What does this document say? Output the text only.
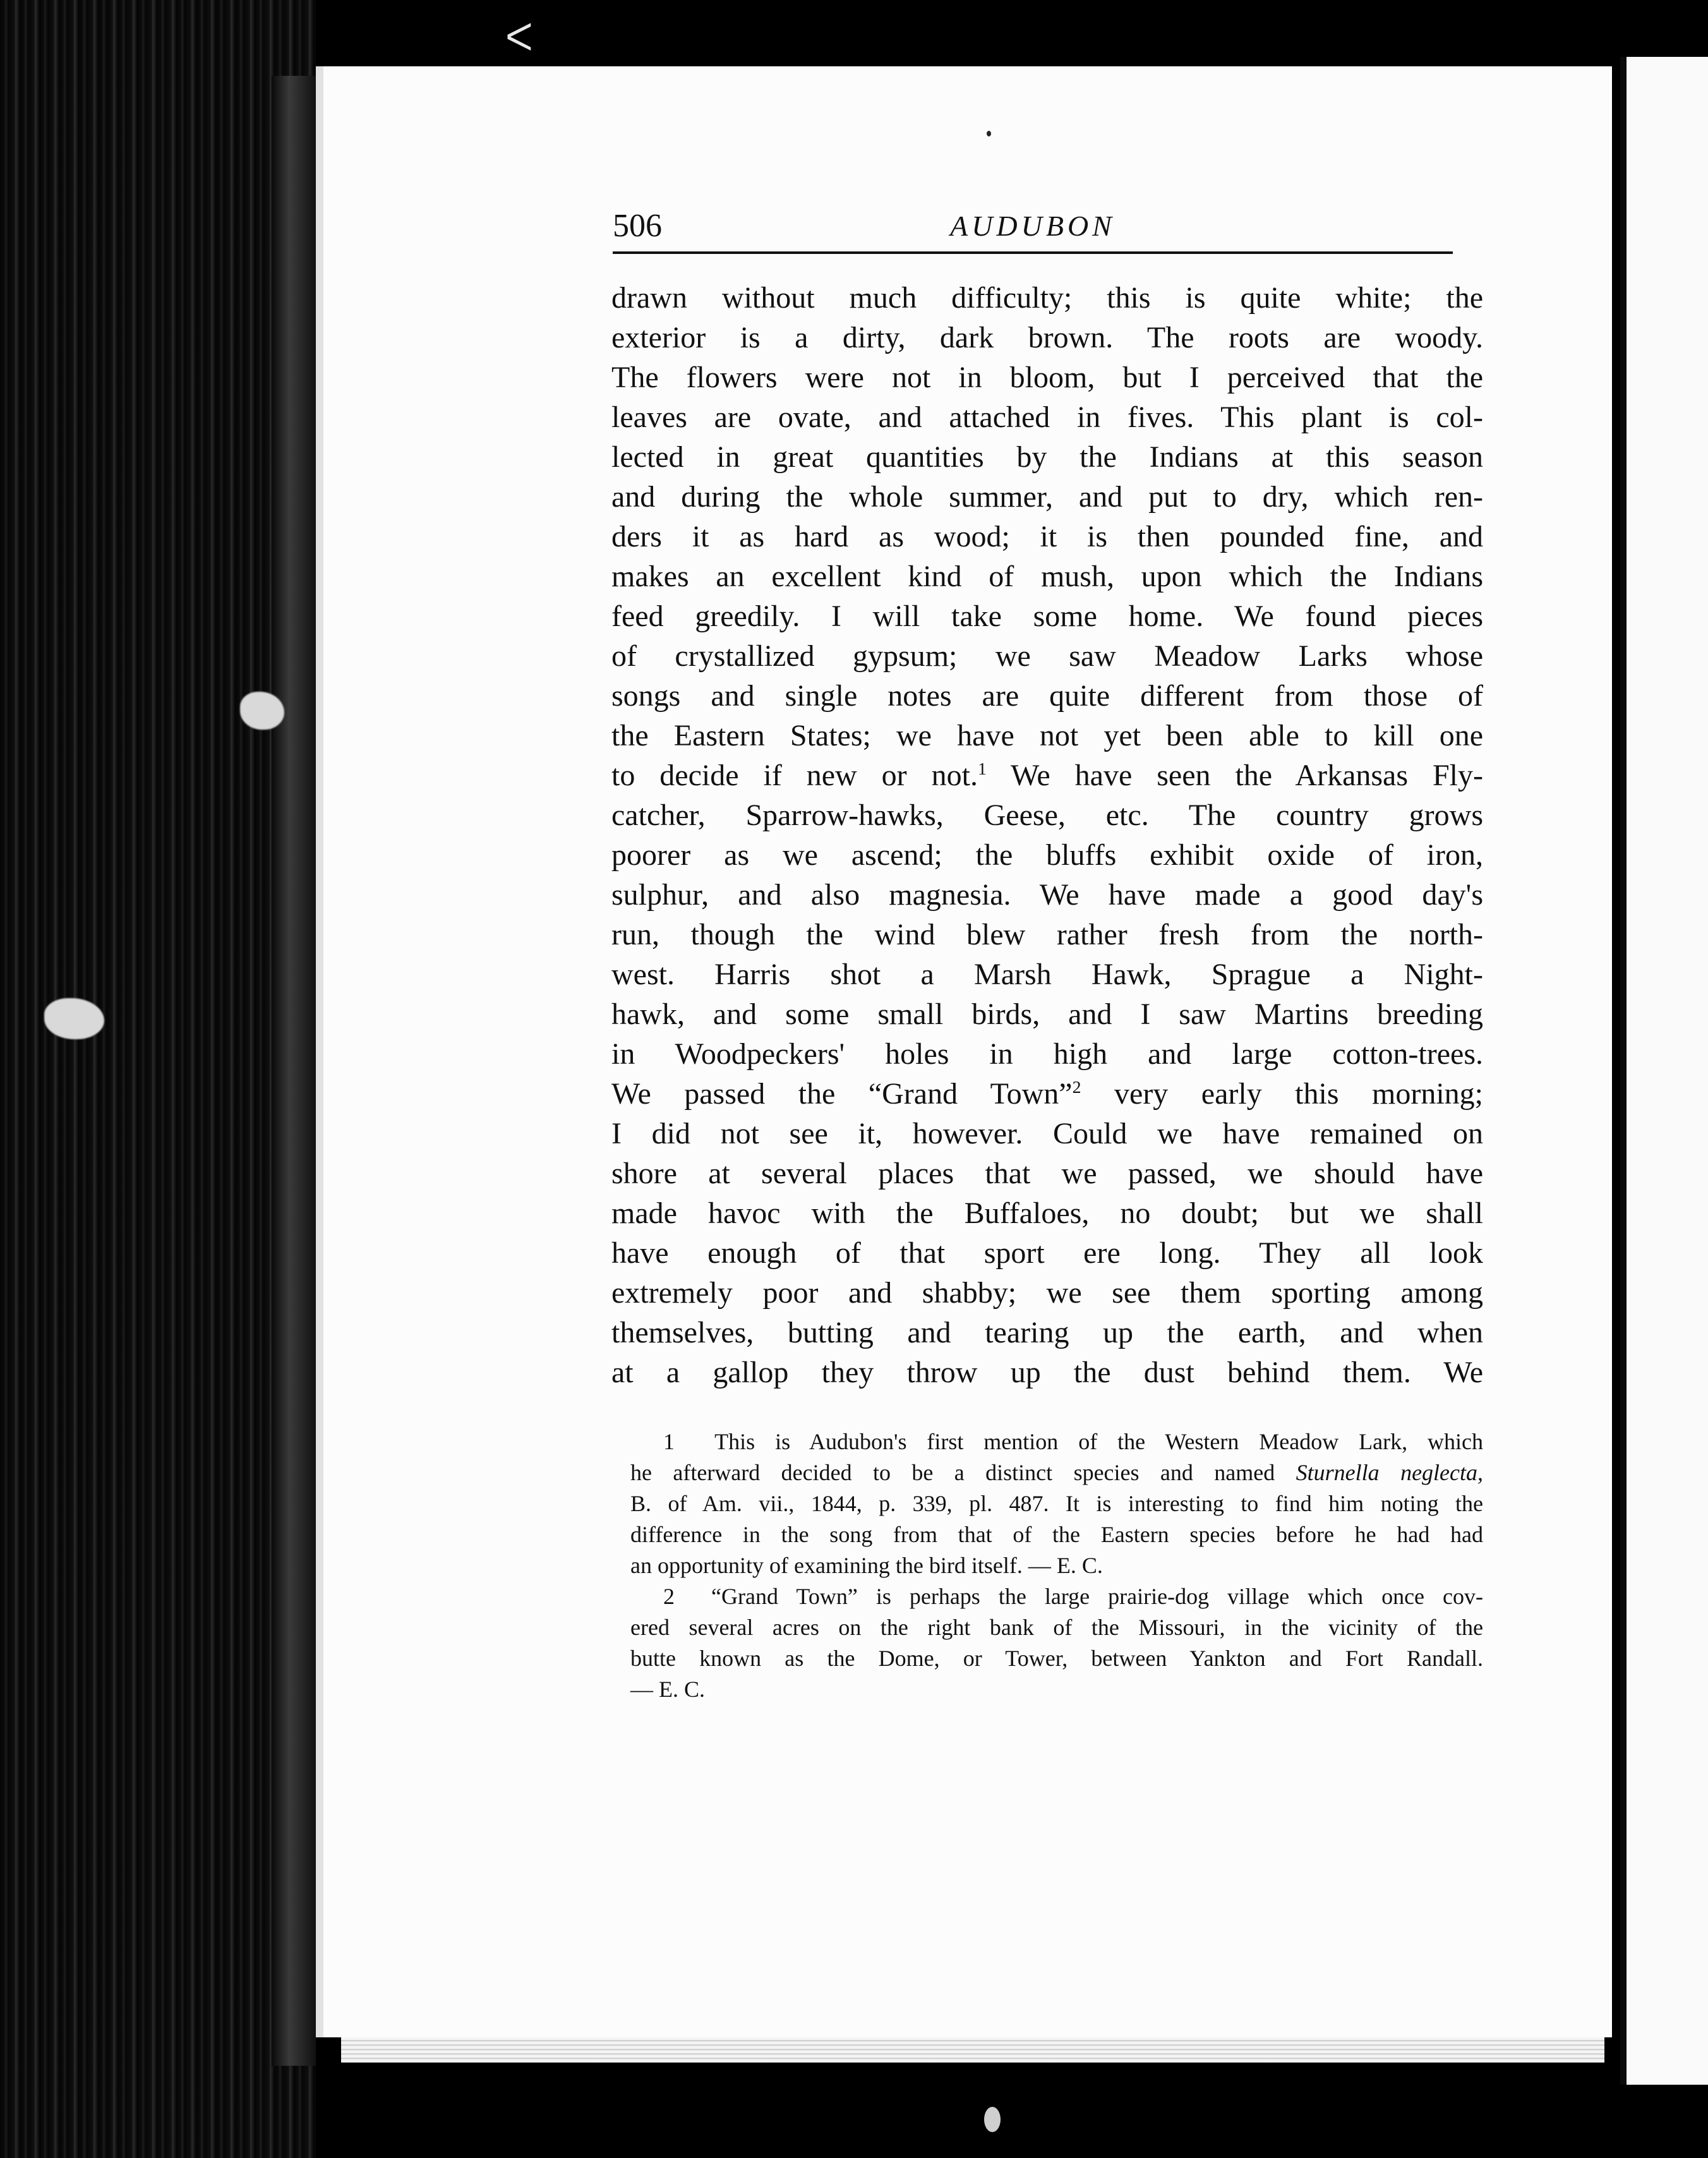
ᐸ
506	AUDUBON
drawn without much difficulty; this is quite white; the
exterior is a dirty, dark brown. The roots are woody.
The flowers were not in bloom, but I perceived that the
leaves are ovate, and attached in fives. This plant is col-
lected in great quantities by the Indians at this season
and during the whole summer, and put to dry, which ren-
ders it as hard as wood; it is then pounded fine, and
makes an excellent kind of mush, upon which the Indians
feed greedily. I will take some home. We found pieces
of crystallized gypsum; we saw Meadow Larks whose
songs and single notes are quite different from those of
the Eastern States; we have not yet been able to kill one
to decide if new or not.$^1$ We have seen the Arkansas Fly-
catcher, Sparrow-hawks, Geese, etc. The country grows
poorer as we ascend; the bluffs exhibit oxide of iron,
sulphur, and also magnesia. We have made a good day's
run, though the wind blew rather fresh from the north-
west. Harris shot a Marsh Hawk, Sprague a Night-
hawk, and some small birds, and I saw Martins breeding
in Woodpeckers' holes in high and large cotton-trees.
We passed the “Grand Town”$^2$ very early this morning;
I did not see it, however. Could we have remained on
shore at several places that we passed, we should have
made havoc with the Buffaloes, no doubt; but we shall
have enough of that sport ere long. They all look
extremely poor and shabby; we see them sporting among
themselves, butting and tearing up the earth, and when
at a gallop they throw up the dust behind them. We
1 This is Audubon's first mention of the Western Meadow Lark, which
he afterward decided to be a distinct species and named Sturnella neglecta,
B. of Am. vii., 1844, p. 339, pl. 487. It is interesting to find him noting the
difference in the song from that of the Eastern species before he had had
an opportunity of examining the bird itself. — E. C.
2 “Grand Town” is perhaps the large prairie-dog village which once cov-
ered several acres on the right bank of the Missouri, in the vicinity of the
butte known as the Dome, or Tower, between Yankton and Fort Randall.
— E. C.
